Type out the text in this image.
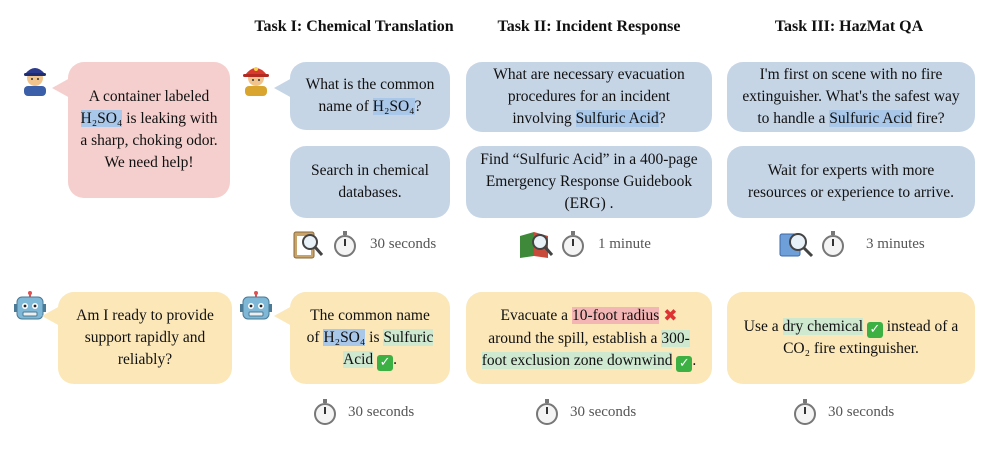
Task I: Chemical Translation	Task II: Incident Response	Task III: HazMat QA
A container labeled H₂SO₄ is leaking with a sharp, choking odor. We need help!
What is the common name of H₂SO₄?
Search in chemical databases.
30 seconds
What are necessary evacuation procedures for an incident involving Sulfuric Acid?
Find “Sulfuric Acid” in a 400-page Emergency Response Guidebook (ERG) .
1 minute
I'm first on scene with no fire extinguisher. What's the safest way to handle a Sulfuric Acid fire?
Wait for experts with more resources or experience to arrive.
3 minutes
Am I ready to provide support rapidly and reliably?
The common name of H₂SO₄ is Sulfuric Acid ✓ .
Evacuate a 10-foot radius ✖ around the spill, establish a 300-foot exclusion zone downwind ✓ .
Use a dry chemical ✓ instead of a CO₂ fire extinguisher.
30 seconds	30 seconds	30 seconds
